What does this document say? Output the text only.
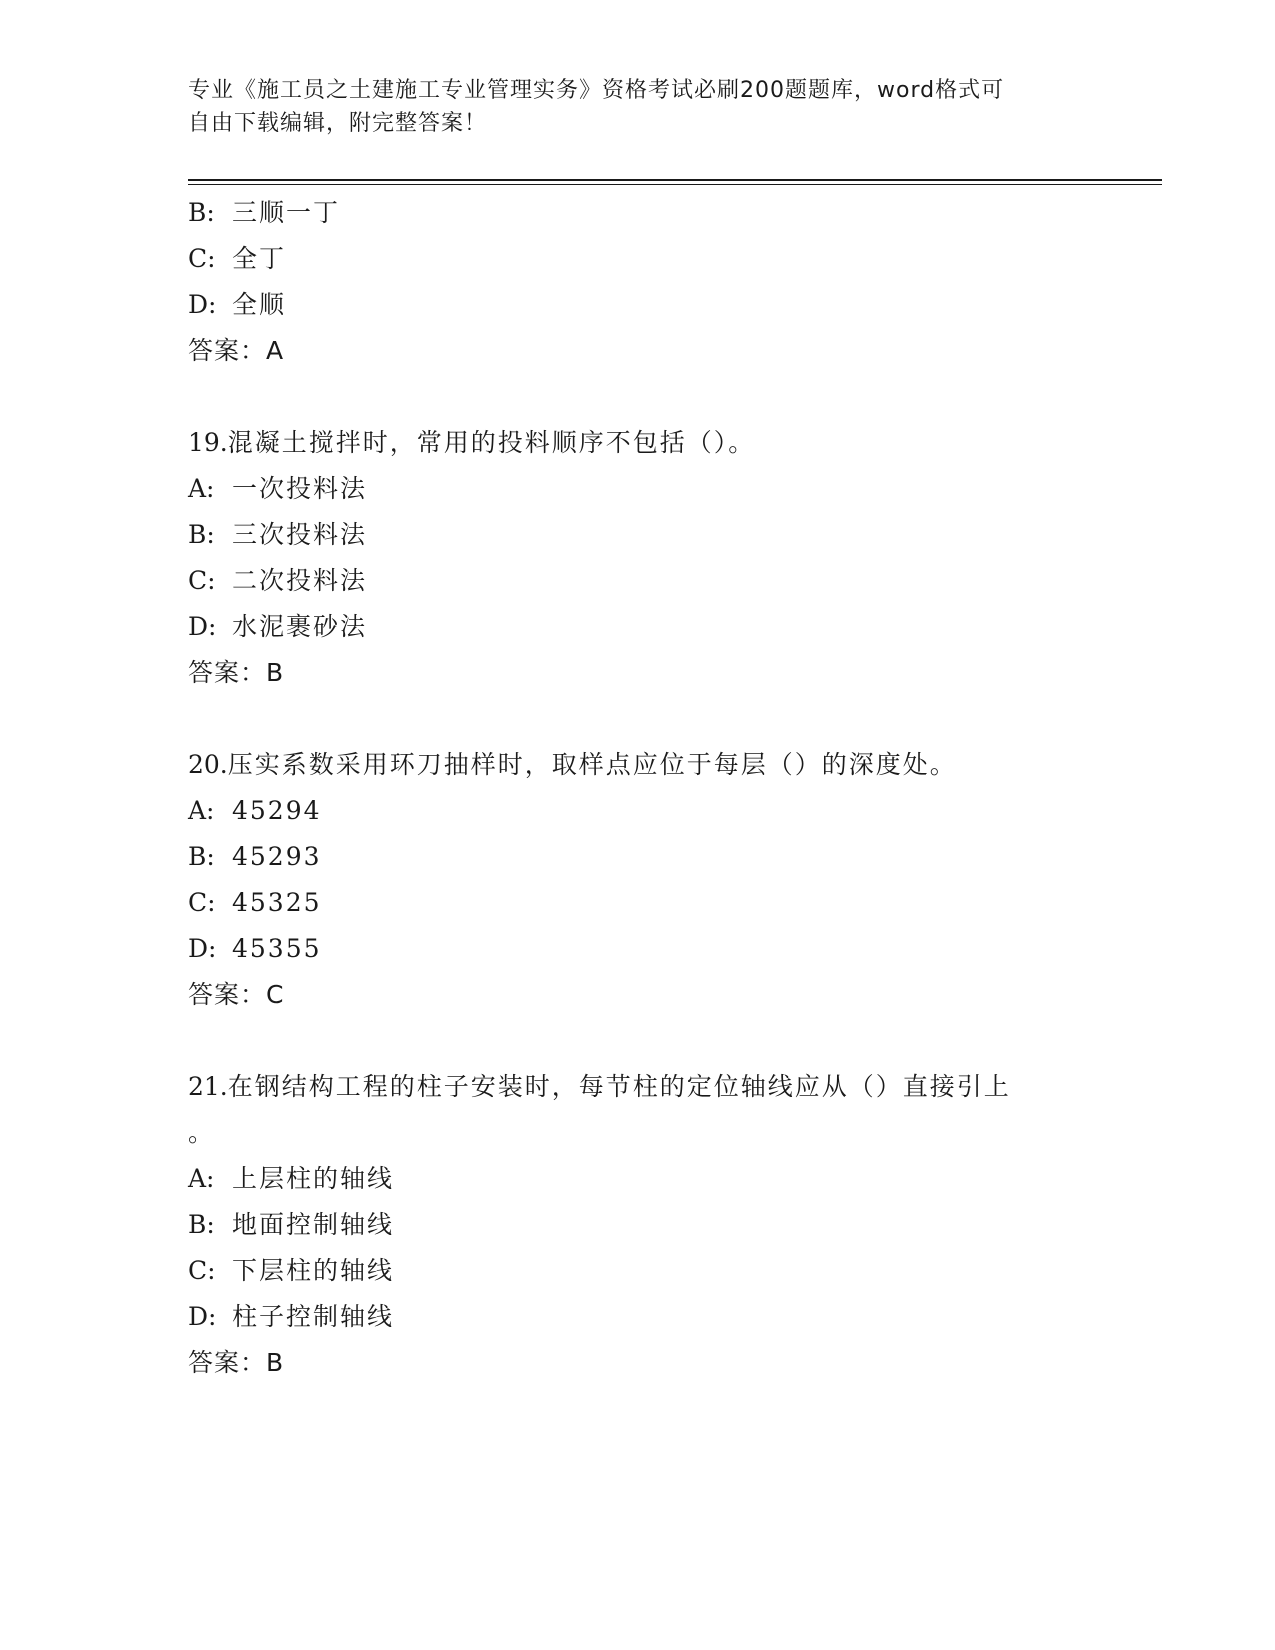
专业《施工员之土建施工专业管理实务》资格考试必刷200题题库，word格式可
自由下载编辑，附完整答案！
B: 三顺一丁
C: 全丁
D: 全顺
答案：A
19.混凝土搅拌时，常用的投料顺序不包括（）。
A: 一次投料法
B: 三次投料法
C: 二次投料法
D: 水泥裹砂法
答案：B
20.压实系数采用环刀抽样时，取样点应位于每层（）的深度处。
A: 45294
B: 45293
C: 45325
D: 45355
答案：C
21.在钢结构工程的柱子安装时，每节柱的定位轴线应从（）直接引上
。
A: 上层柱的轴线
B: 地面控制轴线
C: 下层柱的轴线
D: 柱子控制轴线
答案：B
